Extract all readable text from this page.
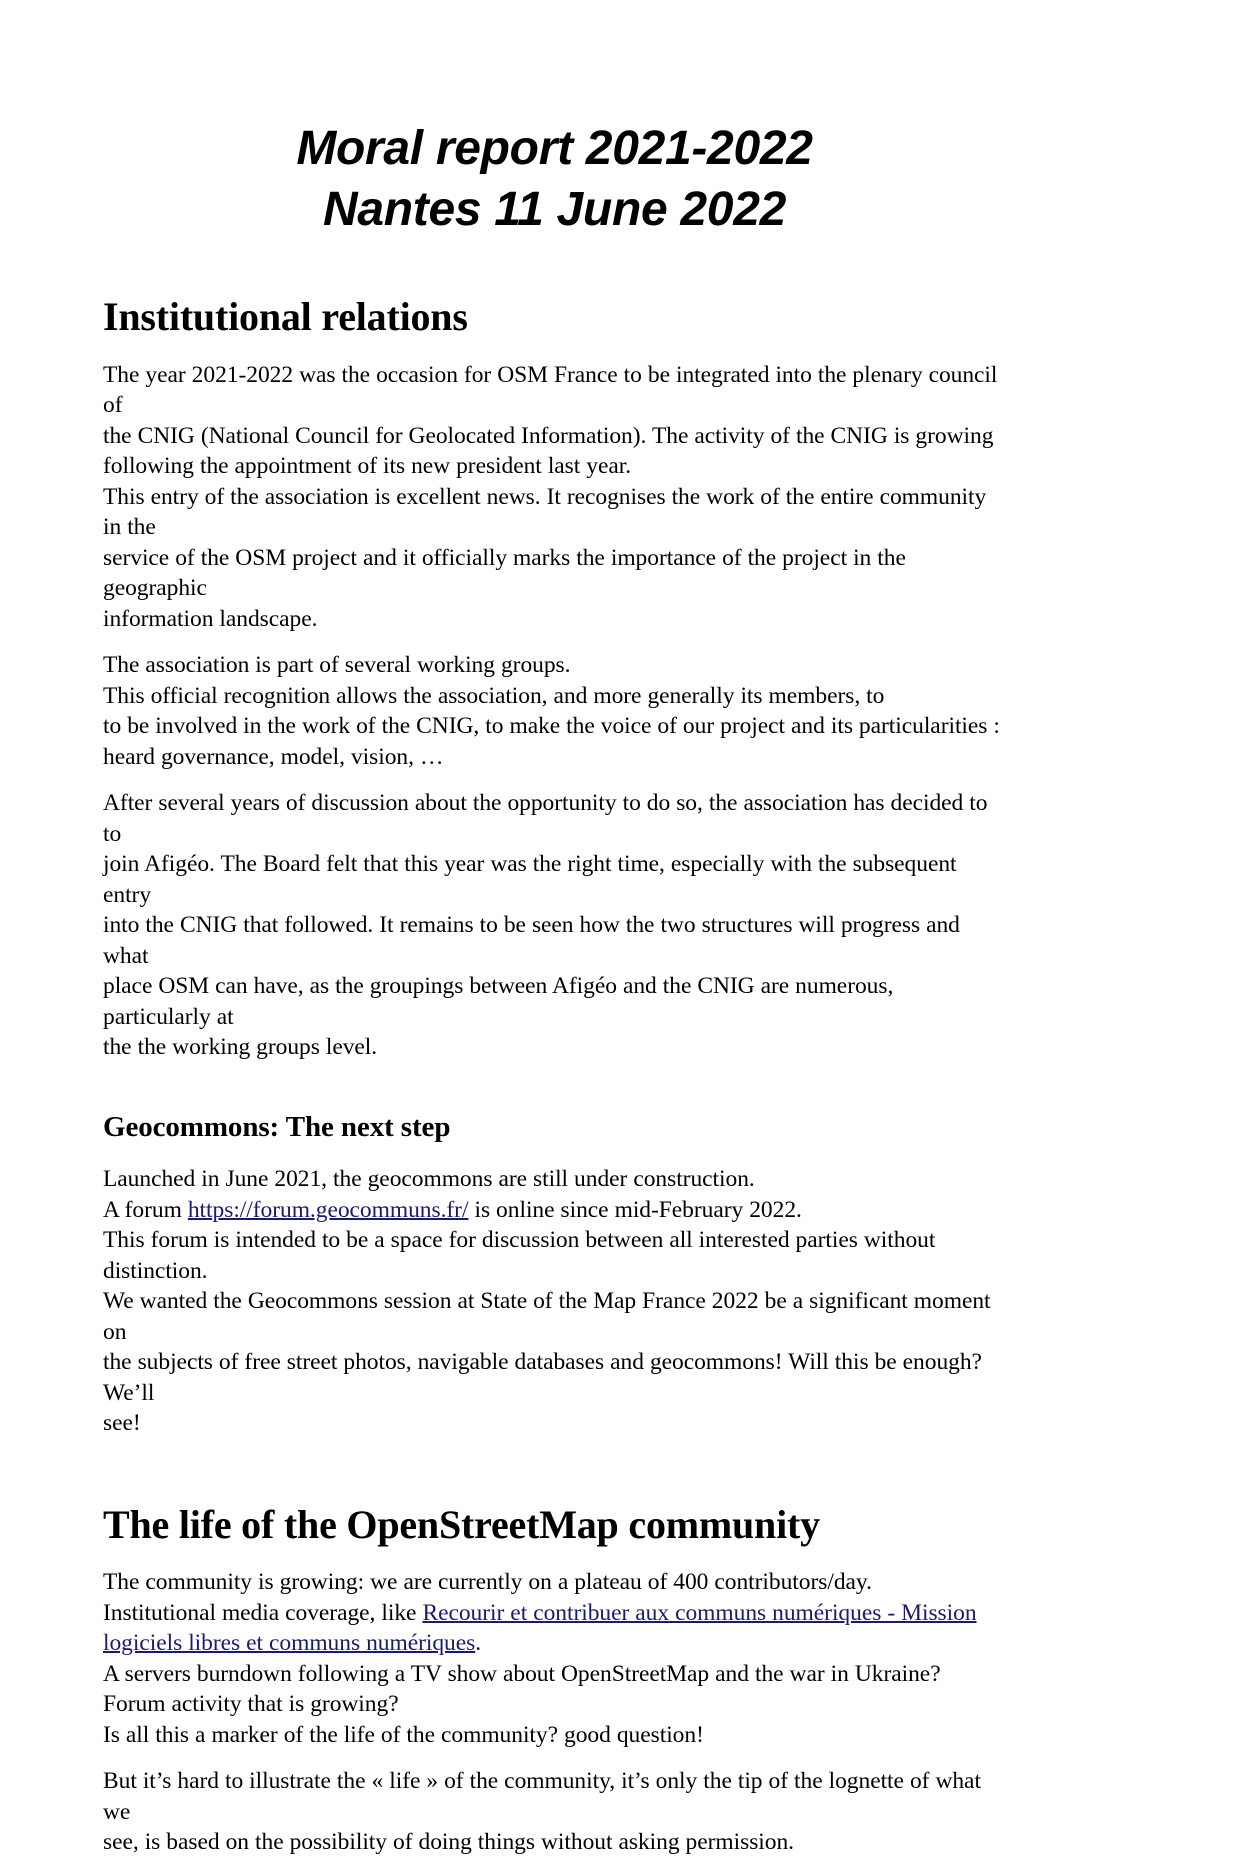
Moral report 2021-2022
Nantes 11 June 2022
Institutional relations

The year 2021-2022 was the occasion for OSM France to be integrated into the plenary council of
the CNIG (National Council for Geolocated Information). The activity of the CNIG is growing
following the appointment of its new president last year.
This entry of the association is excellent news. It recognises the work of the entire community in the
service of the OSM project and it officially marks the importance of the project in the geographic
information landscape.

The association is part of several working groups.
This official recognition allows the association, and more generally its members, to
to be involved in the work of the CNIG, to make the voice of our project and its particularities :
heard governance, model, vision, …

After several years of discussion about the opportunity to do so, the association has decided to to
join Afigéo. The Board felt that this year was the right time, especially with the subsequent entry
into the CNIG that followed. It remains to be seen how the two structures will progress and what
place OSM can have, as the groupings between Afigéo and the CNIG are numerous, particularly at
the the working groups level.

Geocommons: The next step

Launched in June 2021, the geocommons are still under construction.
A forum https://forum.geocommuns.fr/ is online since mid-February 2022.
This forum is intended to be a space for discussion between all interested parties without
distinction.
We wanted the Geocommons session at State of the Map France 2022 be a significant moment on
the subjects of free street photos, navigable databases and geocommons! Will this be enough? We’ll
see!

The life of the OpenStreetMap community

The community is growing: we are currently on a plateau of 400 contributors/day.
Institutional media coverage, like Recourir et contribuer aux communs numériques - Mission
logiciels libres et communs numériques.
A servers burndown following a TV show about OpenStreetMap and the war in Ukraine?
Forum activity that is growing?
Is all this a marker of the life of the community? good question!

But it’s hard to illustrate the « life » of the community, it’s only the tip of the lognette of what we
see, is based on the possibility of doing things without asking permission.
